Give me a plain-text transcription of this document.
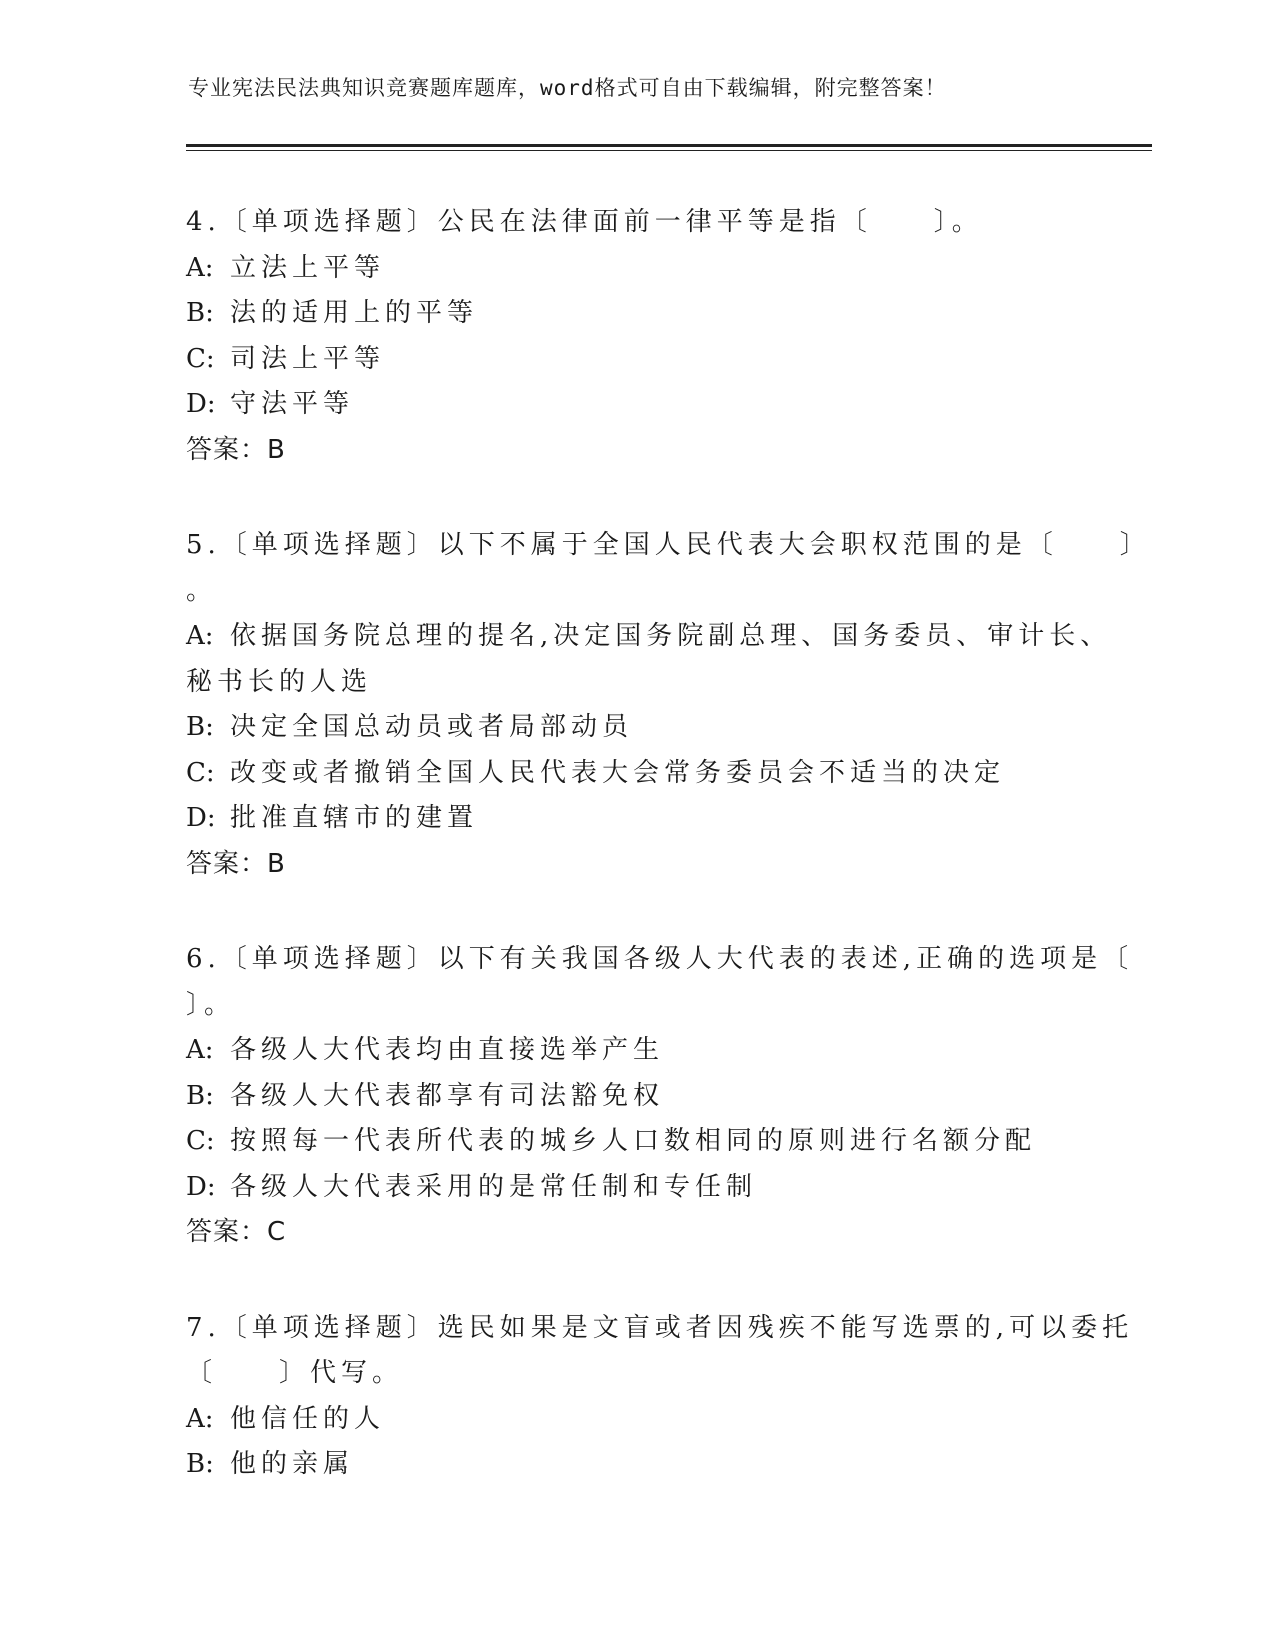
专业宪法民法典知识竞赛题库题库，word格式可自由下载编辑，附完整答案！
4.〔单项选择题〕公民在法律面前一律平等是指〔　　〕。
A: 立法上平等
B: 法的适用上的平等
C: 司法上平等
D: 守法平等
答案：B
5.〔单项选择题〕以下不属于全国人民代表大会职权范围的是〔　　〕
。
A: 依据国务院总理的提名,决定国务院副总理、国务委员、审计长、
秘书长的人选
B: 决定全国总动员或者局部动员
C: 改变或者撤销全国人民代表大会常务委员会不适当的决定
D: 批准直辖市的建置
答案：B
6.〔单项选择题〕以下有关我国各级人大代表的表述,正确的选项是〔
〕。
A: 各级人大代表均由直接选举产生
B: 各级人大代表都享有司法豁免权
C: 按照每一代表所代表的城乡人口数相同的原则进行名额分配
D: 各级人大代表采用的是常任制和专任制
答案：C
7.〔单项选择题〕选民如果是文盲或者因残疾不能写选票的,可以委托
〔　　〕代写。
A: 他信任的人
B: 他的亲属
